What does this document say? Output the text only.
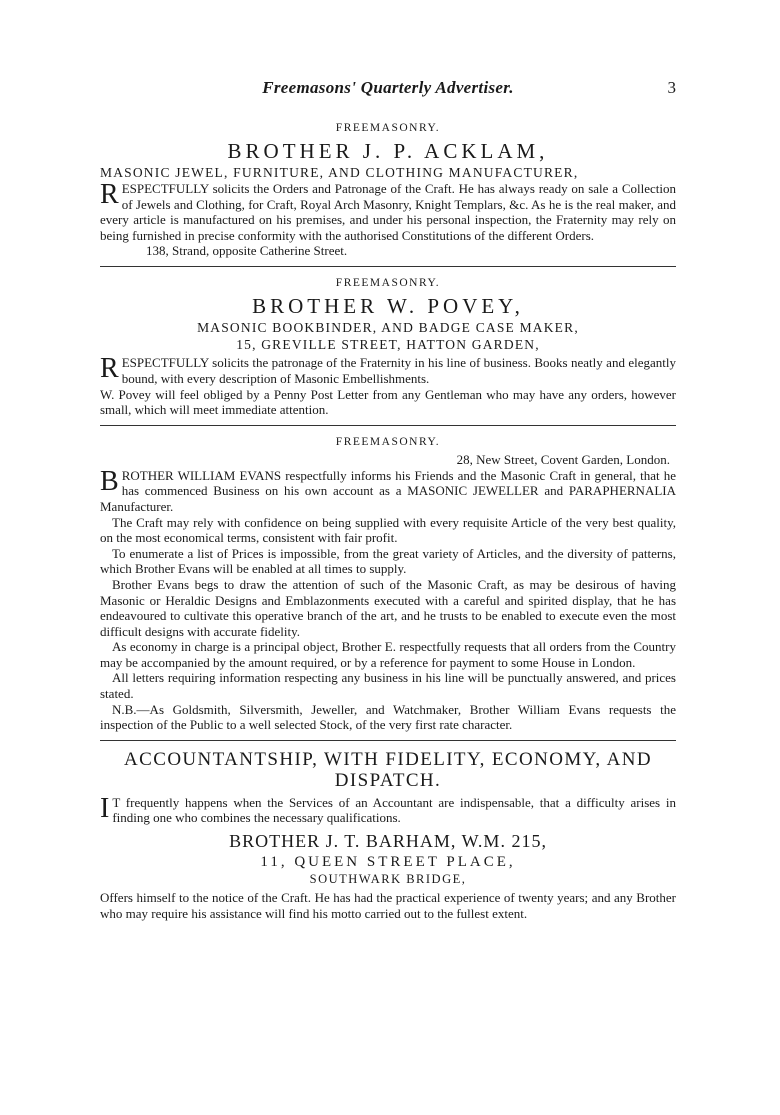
Freemasons' Quarterly Advertiser.	3
FREEMASONRY.
BROTHER J. P. ACKLAM,
MASONIC JEWEL, FURNITURE, AND CLOTHING MANUFACTURER,

RESPECTFULLY solicits the Orders and Patronage of the Craft. He has always ready on sale a Collection of Jewels and Clothing, for Craft, Royal Arch Masonry, Knight Templars, &c. As he is the real maker, and every article is manufactured on his premises, and under his personal inspection, the Fraternity may rely on being furnished in precise conformity with the authorised Constitutions of the different Orders.

138, Strand, opposite Catherine Street.
FREEMASONRY.
BROTHER W. POVEY,
MASONIC BOOKBINDER, AND BADGE CASE MAKER,
15, GREVILLE STREET, HATTON GARDEN,

RESPECTFULLY solicits the patronage of the Fraternity in his line of business. Books neatly and elegantly bound, with every description of Masonic Embellishments.

W. Povey will feel obliged by a Penny Post Letter from any Gentleman who may have any orders, however small, which will meet immediate attention.

FREEMASONRY.
28, New Street, Covent Garden, London.

BROTHER WILLIAM EVANS respectfully informs his Friends and the Masonic Craft in general, that he has commenced Business on his own account as a MASONIC JEWELLER and PARAPHERNALIA Manufacturer.

The Craft may rely with confidence on being supplied with every requisite Article of the very best quality, on the most economical terms, consistent with fair profit.

To enumerate a list of Prices is impossible, from the great variety of Articles, and the diversity of patterns, which Brother Evans will be enabled at all times to supply.

Brother Evans begs to draw the attention of such of the Masonic Craft, as may be desirous of having Masonic or Heraldic Designs and Emblazonments executed with a careful and spirited display, that he has endeavoured to cultivate this operative branch of the art, and he trusts to be enabled to execute even the most difficult designs with accurate fidelity.

As economy in charge is a principal object, Brother E. respectfully requests that all orders from the Country may be accompanied by the amount required, or by a reference for payment to some House in London.

All letters requiring information respecting any business in his line will be punctually answered, and prices stated.

N.B.—As Goldsmith, Silversmith, Jeweller, and Watchmaker, Brother William Evans requests the inspection of the Public to a well selected Stock, of the very first rate character.

ACCOUNTANTSHIP, WITH FIDELITY, ECONOMY, AND DISPATCH.

IT frequently happens when the Services of an Accountant are indispensable, that a difficulty arises in finding one who combines the necessary qualifications.

BROTHER J. T. BARHAM, W.M. 215,
11, QUEEN STREET PLACE,
SOUTHWARK BRIDGE,

Offers himself to the notice of the Craft. He has had the practical experience of twenty years; and any Brother who may require his assistance will find his motto carried out to the fullest extent.
